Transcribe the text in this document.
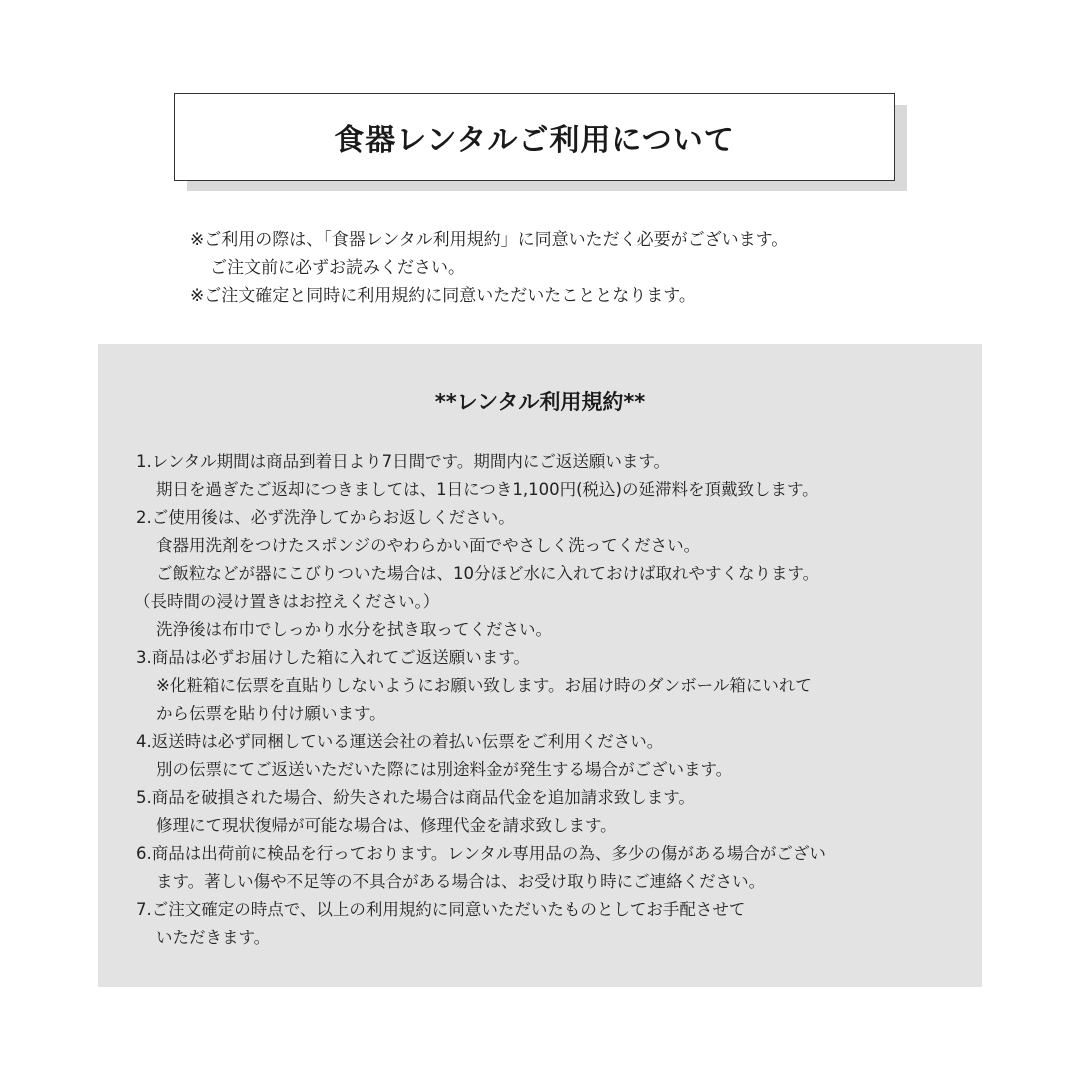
食器レンタルご利用について
※ご利用の際は、「食器レンタル利用規約」に同意いただく必要がございます。
ご注文前に必ずお読みください。
※ご注文確定と同時に利用規約に同意いただいたこととなります。
**レンタル利用規約**
1.レンタル期間は商品到着日より7日間です。期間内にご返送願います。
期日を過ぎたご返却につきましては、1日につき1,100円(税込)の延滞料を頂戴致します。
2.ご使用後は、必ず洗浄してからお返しください。
食器用洗剤をつけたスポンジのやわらかい面でやさしく洗ってください。
ご飯粒などが器にこびりついた場合は、10分ほど水に入れておけば取れやすくなります。
（長時間の浸け置きはお控えください。）
洗浄後は布巾でしっかり水分を拭き取ってください。
3.商品は必ずお届けした箱に入れてご返送願います。
※化粧箱に伝票を直貼りしないようにお願い致します。お届け時のダンボール箱にいれて
から伝票を貼り付け願います。
4.返送時は必ず同梱している運送会社の着払い伝票をご利用ください。
別の伝票にてご返送いただいた際には別途料金が発生する場合がございます。
5.商品を破損された場合、紛失された場合は商品代金を追加請求致します。
修理にて現状復帰が可能な場合は、修理代金を請求致します。
6.商品は出荷前に検品を行っております。レンタル専用品の為、多少の傷がある場合がござい
ます。著しい傷や不足等の不具合がある場合は、お受け取り時にご連絡ください。
7.ご注文確定の時点で、以上の利用規約に同意いただいたものとしてお手配させて
いただきます。
